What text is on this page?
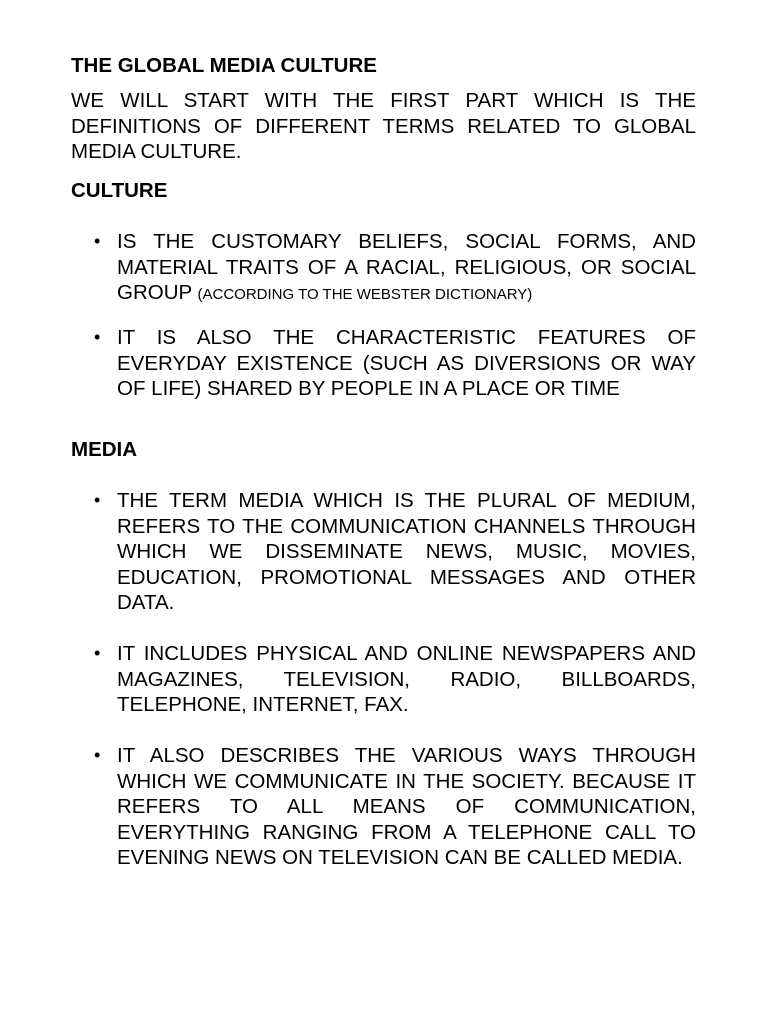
THE GLOBAL MEDIA CULTURE

WE WILL START WITH THE FIRST PART WHICH IS THE DEFINITIONS OF DIFFERENT TERMS RELATED TO GLOBAL MEDIA CULTURE.

CULTURE
• IS THE CUSTOMARY BELIEFS, SOCIAL FORMS, AND MATERIAL TRAITS OF A RACIAL, RELIGIOUS, OR SOCIAL GROUP (ACCORDING TO THE WEBSTER DICTIONARY)
• IT IS ALSO THE CHARACTERISTIC FEATURES OF EVERYDAY EXISTENCE (SUCH AS DIVERSIONS OR WAY OF LIFE) SHARED BY PEOPLE IN A PLACE OR TIME
MEDIA
• THE TERM MEDIA WHICH IS THE PLURAL OF MEDIUM, REFERS TO THE COMMUNICATION CHANNELS THROUGH WHICH WE DISSEMINATE NEWS, MUSIC, MOVIES, EDUCATION, PROMOTIONAL MESSAGES AND OTHER DATA.
• IT INCLUDES PHYSICAL AND ONLINE NEWSPAPERS AND MAGAZINES, TELEVISION, RADIO, BILLBOARDS, TELEPHONE, INTERNET, FAX.
• IT ALSO DESCRIBES THE VARIOUS WAYS THROUGH WHICH WE COMMUNICATE IN THE SOCIETY. BECAUSE IT REFERS TO ALL MEANS OF COMMUNICATION, EVERYTHING RANGING FROM A TELEPHONE CALL TO EVENING NEWS ON TELEVISION CAN BE CALLED MEDIA.
